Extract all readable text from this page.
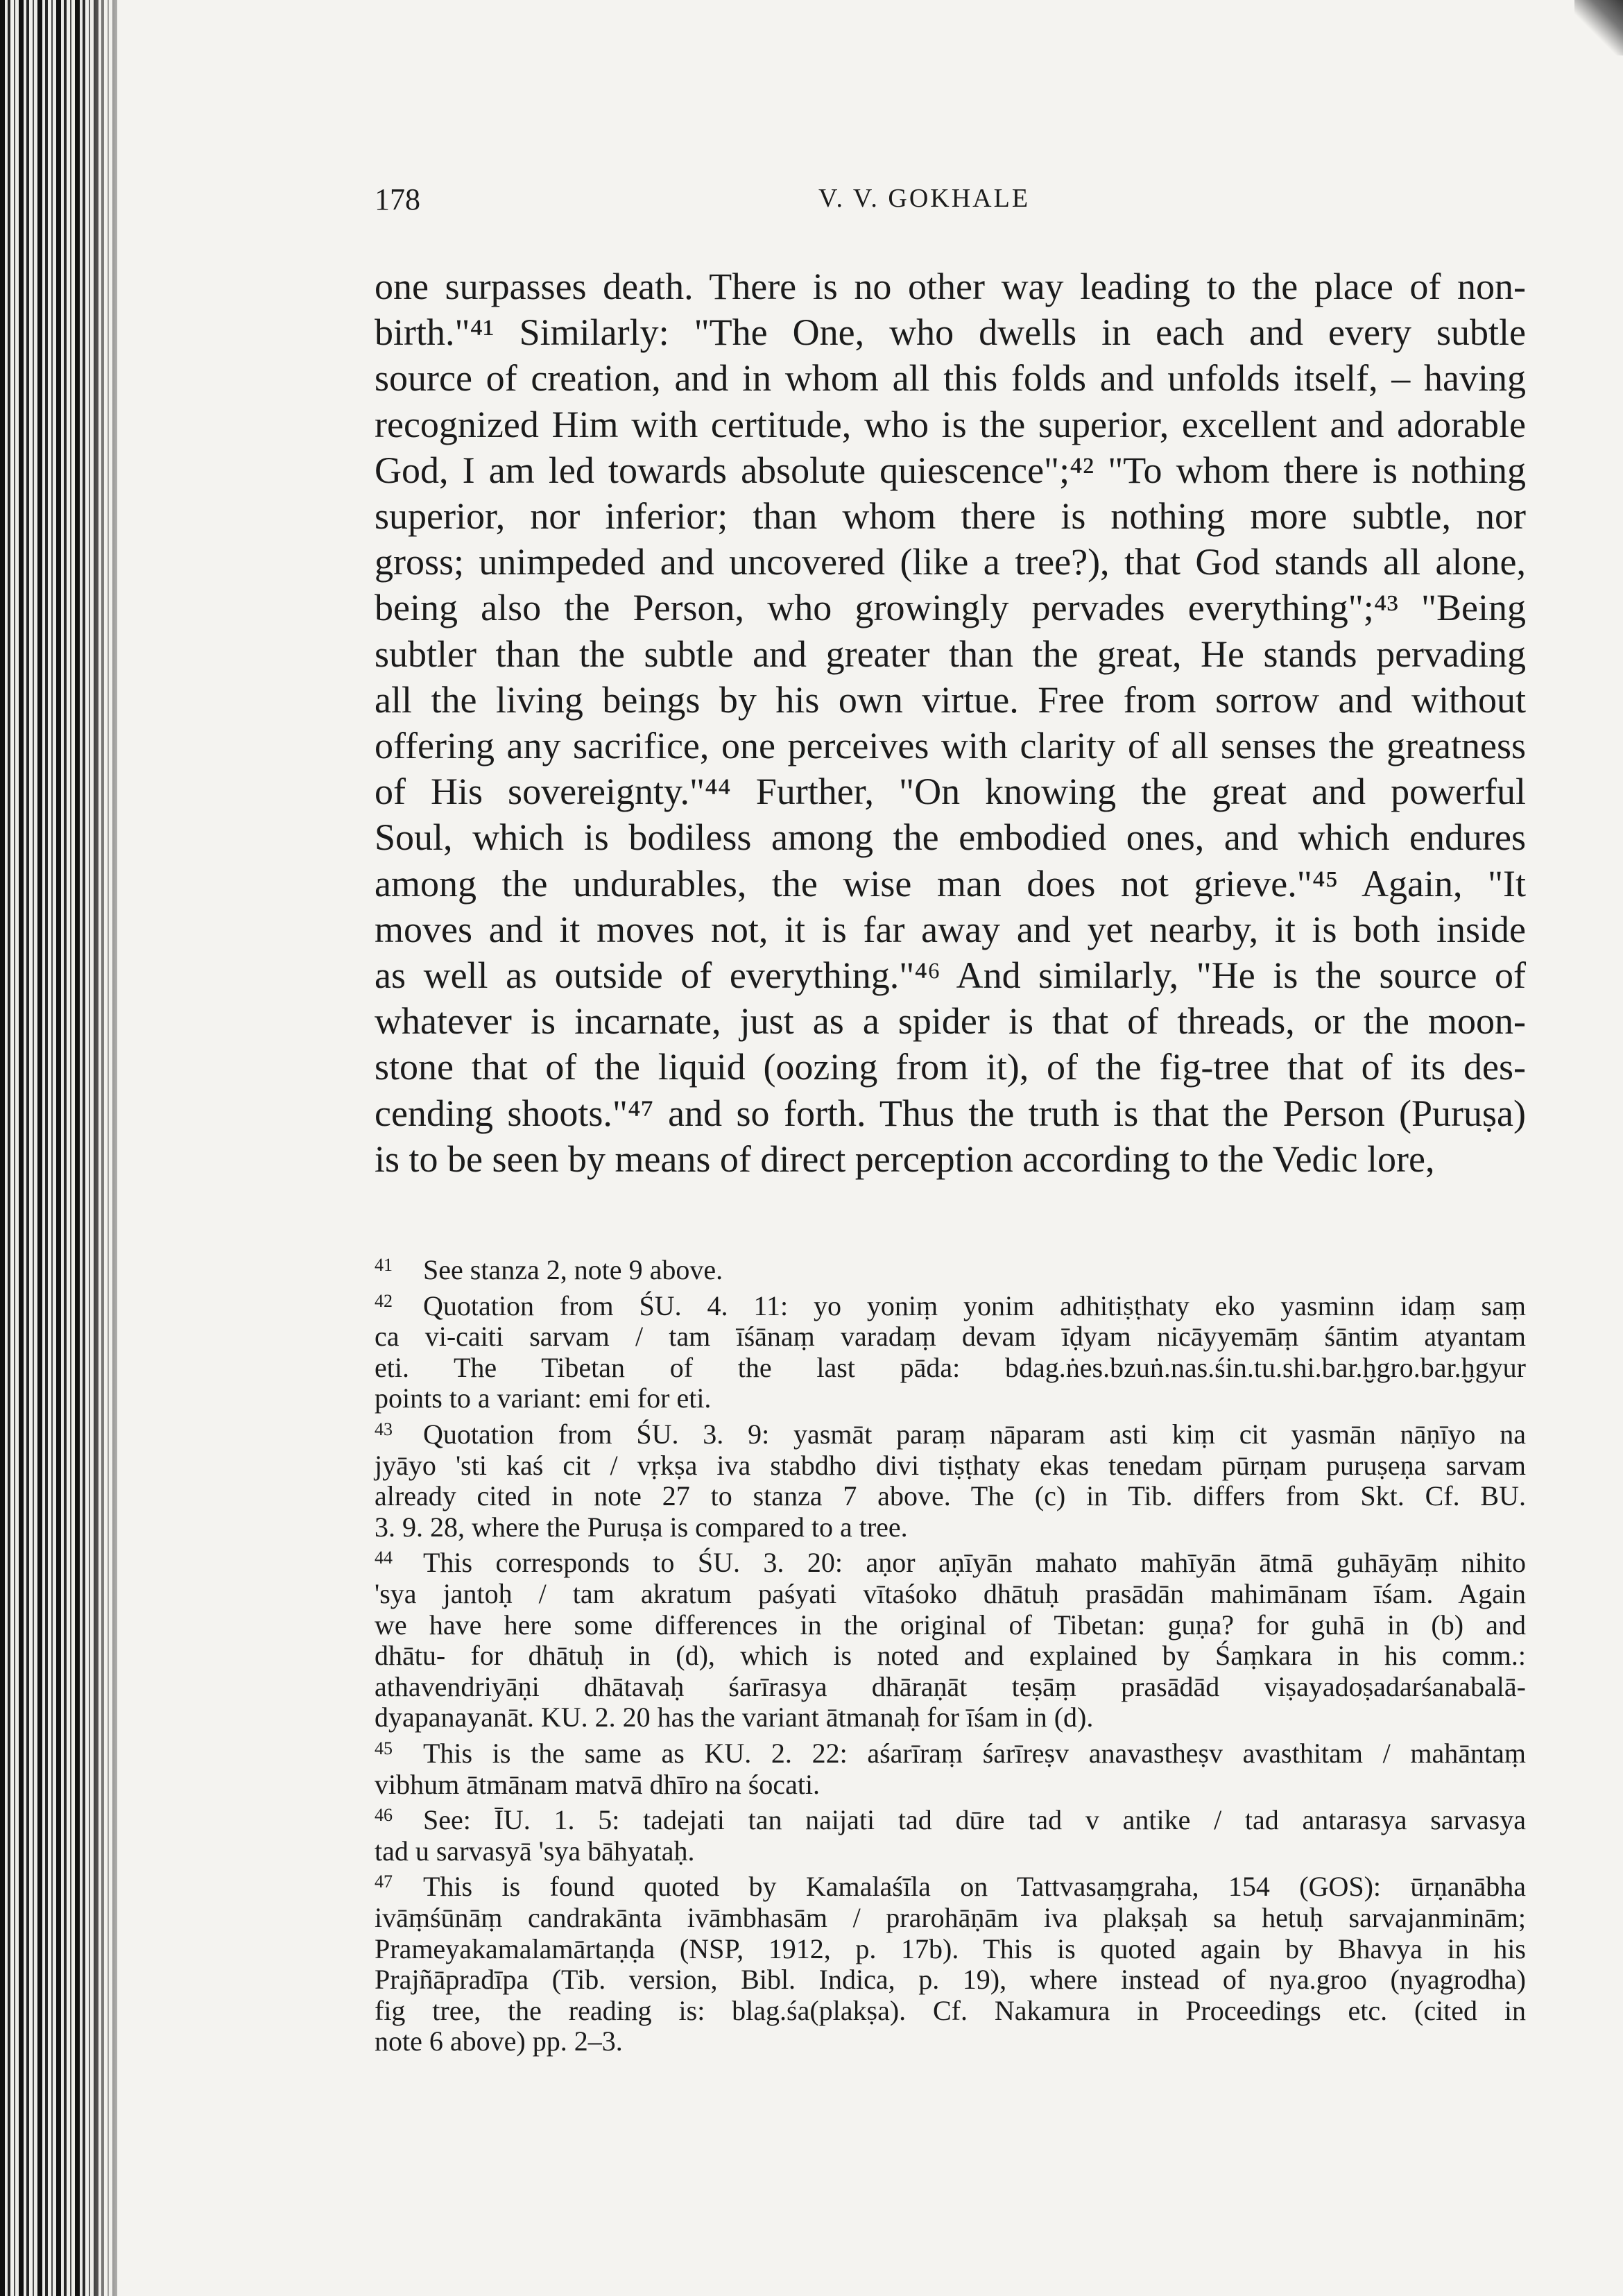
178	V. V. GOKHALE
one surpasses death. There is no other way leading to the place of non-
birth."⁴¹ Similarly: "The One, who dwells in each and every subtle
source of creation, and in whom all this folds and unfolds itself, – having
recognized Him with certitude, who is the superior, excellent and adorable
God, I am led towards absolute quiescence";⁴² "To whom there is nothing
superior, nor inferior; than whom there is nothing more subtle, nor
gross; unimpeded and uncovered (like a tree?), that God stands all alone,
being also the Person, who growingly pervades everything";⁴³ "Being
subtler than the subtle and greater than the great, He stands pervading
all the living beings by his own virtue. Free from sorrow and without
offering any sacrifice, one perceives with clarity of all senses the greatness
of His sovereignty."⁴⁴ Further, "On knowing the great and powerful
Soul, which is bodiless among the embodied ones, and which endures
among the undurables, the wise man does not grieve."⁴⁵ Again, "It
moves and it moves not, it is far away and yet nearby, it is both inside
as well as outside of everything."⁴⁶ And similarly, "He is the source of
whatever is incarnate, just as a spider is that of threads, or the moon-
stone that of the liquid (oozing from it), of the fig-tree that of its des-
cending shoots."⁴⁷ and so forth. Thus the truth is that the Person (Puruṣa)
is to be seen by means of direct perception according to the Vedic lore,
41 See stanza 2, note 9 above.
42 Quotation from ŚU. 4. 11: yo yoniṃ yonim adhitiṣṭhaty eko yasminn idaṃ saṃ
ca vi-caiti sarvam / tam īśānaṃ varadaṃ devam īḍyam nicāyyemāṃ śāntim atyantam
eti. The Tibetan of the last pāda: bdag.ṅes.bzuṅ.nas.śin.tu.shi.bar.ḫgro.bar.ḫgyur
points to a variant: emi for eti.
43 Quotation from ŚU. 3. 9: yasmāt paraṃ nāparam asti kiṃ cit yasmān nāṇīyo na
jyāyo 'sti kaś cit / vṛkṣa iva stabdho divi tiṣṭhaty ekas tenedam pūrṇam puruṣeṇa sarvam
already cited in note 27 to stanza 7 above. The (c) in Tib. differs from Skt. Cf. BU.
3. 9. 28, where the Puruṣa is compared to a tree.
44 This corresponds to ŚU. 3. 20: aṇor aṇīyān mahato mahīyān ātmā guhāyāṃ nihito
'sya jantoḥ / tam akratum paśyati vītaśoko dhātuḥ prasādān mahimānam īśam. Again
we have here some differences in the original of Tibetan: guṇa? for guhā in (b) and
dhātu- for dhātuḥ in (d), which is noted and explained by Śaṃkara in his comm.:
athavendriyāṇi dhātavaḥ śarīrasya dhāraṇāt teṣāṃ prasādād viṣayadoṣadarśanabalā-
dyapanayanāt. KU. 2. 20 has the variant ātmanaḥ for īśam in (d).
45 This is the same as KU. 2. 22: aśarīraṃ śarīreṣv anavastheṣv avasthitam / mahāntaṃ
vibhum ātmānam matvā dhīro na śocati.
46 See: ĪU. 1. 5: tadejati tan naijati tad dūre tad v antike / tad antarasya sarvasya
tad u sarvasyā 'sya bāhyataḥ.
47 This is found quoted by Kamalaśīla on Tattvasaṃgraha, 154 (GOS): ūrṇanābha
ivāṃśūnāṃ candrakānta ivāmbhasām / prarohāṇām iva plakṣaḥ sa hetuḥ sarvajanminām;
Prameyakamalamārtaṇḍa (NSP, 1912, p. 17b). This is quoted again by Bhavya in his
Prajñāpradīpa (Tib. version, Bibl. Indica, p. 19), where instead of nya.groo (nyagrodha)
fig tree, the reading is: blag.śa(plakṣa). Cf. Nakamura in Proceedings etc. (cited in
note 6 above) pp. 2–3.
